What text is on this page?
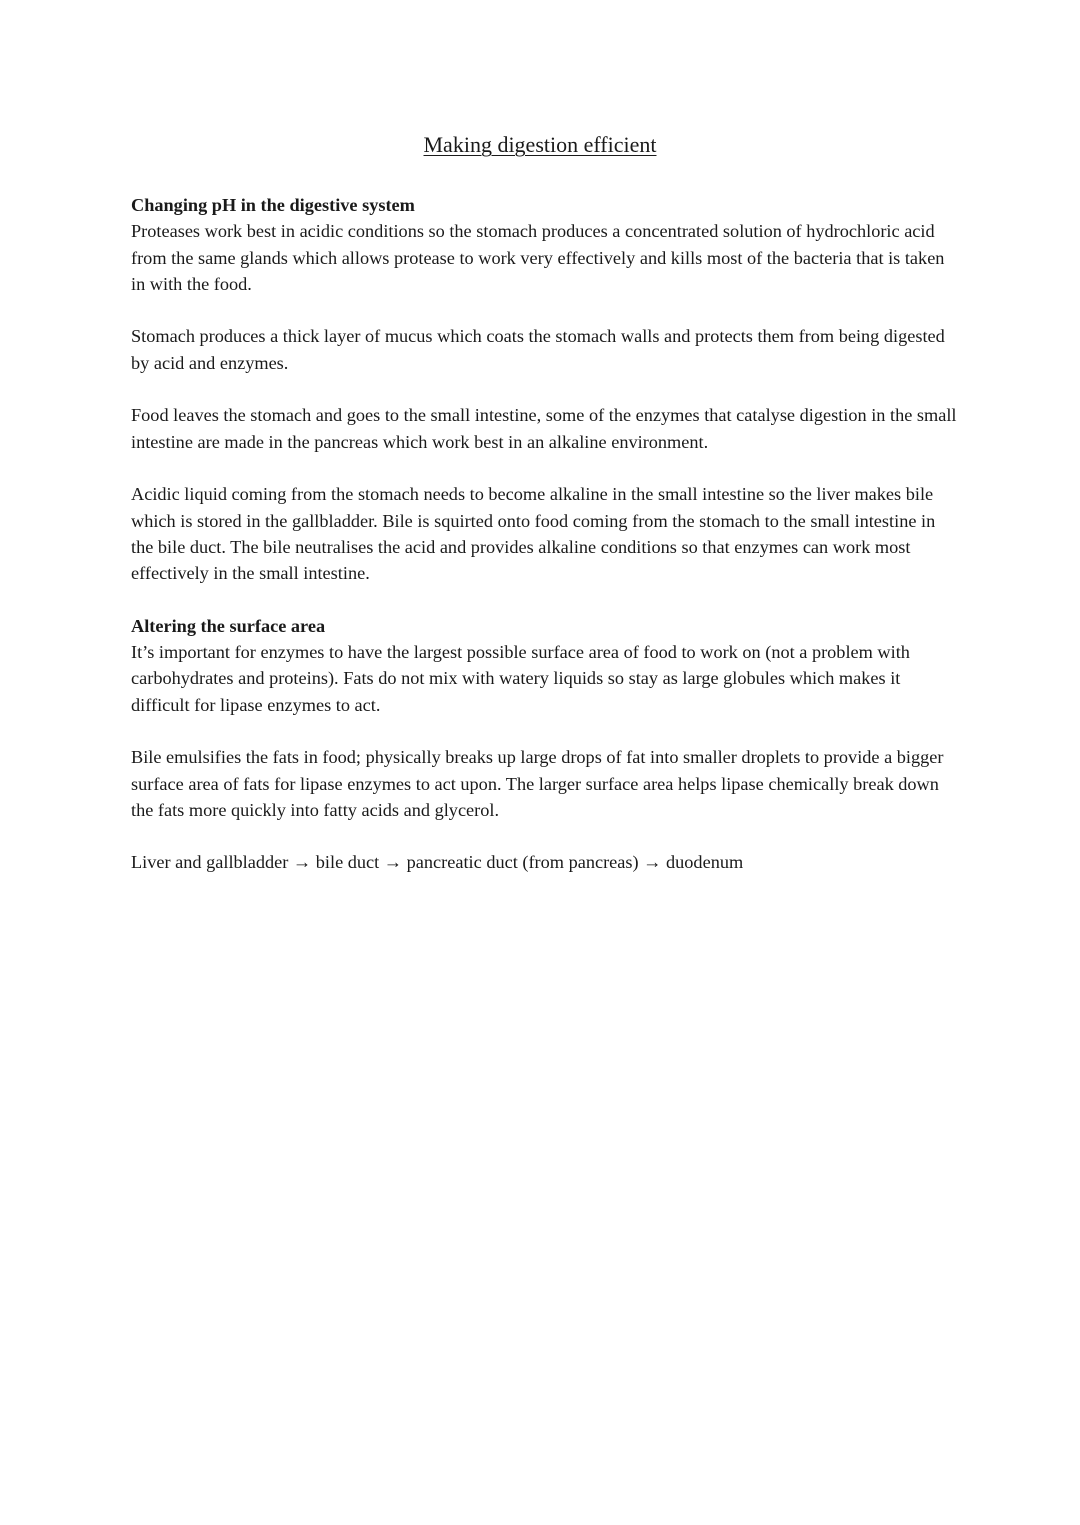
Making digestion efficient

Changing pH in the digestive system
Proteases work best in acidic conditions so the stomach produces a concentrated solution of hydrochloric acid from the same glands which allows protease to work very effectively and kills most of the bacteria that is taken in with the food.

Stomach produces a thick layer of mucus which coats the stomach walls and protects them from being digested by acid and enzymes.

Food leaves the stomach and goes to the small intestine, some of the enzymes that catalyse digestion in the small intestine are made in the pancreas which work best in an alkaline environment.

Acidic liquid coming from the stomach needs to become alkaline in the small intestine so the liver makes bile which is stored in the gallbladder. Bile is squirted onto food coming from the stomach to the small intestine in the bile duct. The bile neutralises the acid and provides alkaline conditions so that enzymes can work most effectively in the small intestine.

Altering the surface area
It’s important for enzymes to have the largest possible surface area of food to work on (not a problem with carbohydrates and proteins). Fats do not mix with watery liquids so stay as large globules which makes it difficult for lipase enzymes to act.

Bile emulsifies the fats in food; physically breaks up large drops of fat into smaller droplets to provide a bigger surface area of fats for lipase enzymes to act upon. The larger surface area helps lipase chemically break down the fats more quickly into fatty acids and glycerol.

Liver and gallbladder → bile duct → pancreatic duct (from pancreas) → duodenum
